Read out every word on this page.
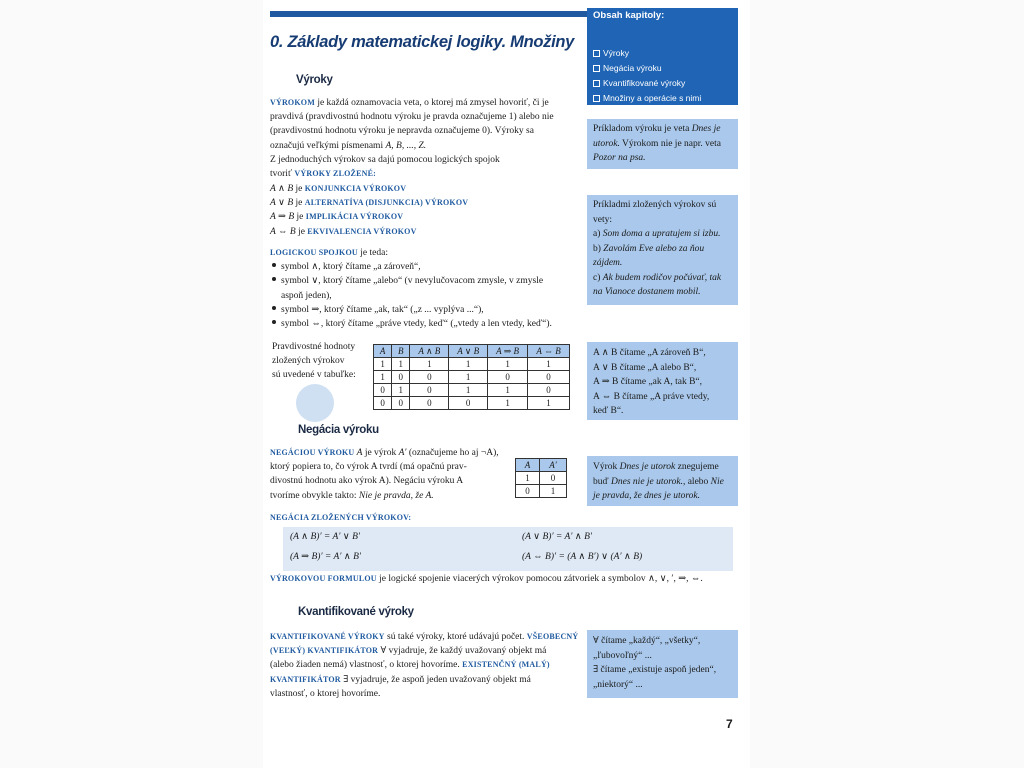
Obsah kapitoly:
Výroky
Negácia výroku
Kvantifikované výroky
Množiny a operácie s nimi
0. Základy matematickej logiky. Množiny
Výroky
VÝROKOM je každá oznamovacia veta, o ktorej má zmysel hovoriť, či je
pravdivá (pravdivostnú hodnotu výroku je pravda označujeme 1) alebo nie
(pravdivostnú hodnotu výroku je nepravda označujeme 0). Výroky sa
označujú veľkými písmenami A, B, ..., Z.
Z jednoduchých výrokov sa dajú pomocou logických spojok
tvoriť VÝROKY ZLOŽENÉ:
A ∧ B je KONJUNKCIA VÝROKOV
A ∨ B je ALTERNATÍVA (DISJUNKCIA) VÝROKOV
A ⇒ B je IMPLIKÁCIA VÝROKOV
A ⇔ B je EKVIVALENCIA VÝROKOV
LOGICKOU SPOJKOU je teda:
symbol ∧, ktorý čítame „a zároveň“,
symbol ∨, ktorý čítame „alebo“ (v nevylučovacom zmysle, v zmysle
aspoň jeden),
symbol ⇒, ktorý čítame „ak, tak“ („z ... vyplýva ...“),
symbol ⇔, ktorý čítame „práve vtedy, keď“ („vtedy a len vtedy, keď“).
Pravdivostné hodnoty
zložených výrokov
sú uvedené v tabuľke:
A	B	A ∧ B	A ∨ B	A ⇒ B	A ⇔ B
1	1	1	1	1	1
1	0	0	1	0	0
0	1	0	1	1	0
0	0	0	0	1	1
Negácia výroku
NEGÁCIOU VÝROKU A je výrok A′ (označujeme ho aj ¬A),
ktorý popiera to, čo výrok A tvrdí (má opačnú prav-
divostnú hodnotu ako výrok A). Negáciu výroku A
tvoríme obvykle takto: Nie je pravda, že A.
A	A′
1	0
0	1
NEGÁCIA ZLOŽENÝCH VÝROKOV:
(A ∧ B)′ = A′ ∨ B′	(A ∨ B)′ = A′ ∧ B′
(A ⇒ B)′ = A′ ∧ B′	(A ⇔ B)′ = (A ∧ B′) ∨ (A′ ∧ B)
VÝROKOVOU FORMULOU je logické spojenie viacerých výrokov pomocou zátvoriek a symbolov ∧, ∨, ′, ⇒, ⇔.
Kvantifikované výroky
KVANTIFIKOVANÉ VÝROKY sú také výroky, ktoré udávajú počet. VŠEOBECNÝ
(VEĽKÝ) KVANTIFIKÁTOR ∀ vyjadruje, že každý uvažovaný objekt má
(alebo žiaden nemá) vlastnosť, o ktorej hovoríme. EXISTENČNÝ (MALÝ)
KVANTIFIKÁTOR ∃ vyjadruje, že aspoň jeden uvažovaný objekt má
vlastnosť, o ktorej hovoríme.
Príkladom výroku je veta Dnes je
utorok. Výrokom nie je napr. veta
Pozor na psa.
Príkladmi zložených výrokov sú
vety:
a) Som doma a upratujem si izbu.
b) Zavolám Eve alebo za ňou
zájdem.
c) Ak budem rodičov počúvať, tak
na Vianoce dostanem mobil.
A ∧ B čítame „A zároveň B“,
A ∨ B čítame „A alebo B“,
A ⇒ B čítame „ak A, tak B“,
A ⇔ B čítame „A práve vtedy,
keď B“.
Výrok Dnes je utorok znegujeme
buď Dnes nie je utorok., alebo Nie
je pravda, že dnes je utorok.
∀ čítame „každý“, „všetky“,
„ľubovoľný“ ...
∃ čítame „existuje aspoň jeden“,
„niektorý“ ...
7
